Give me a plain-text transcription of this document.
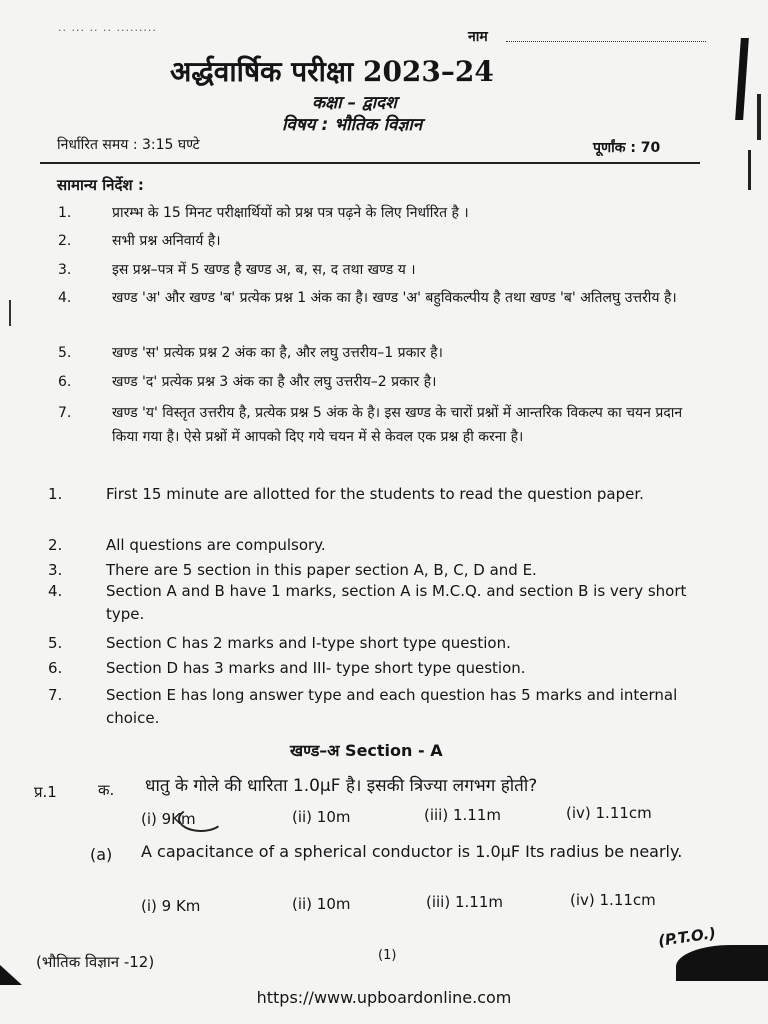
·· ··· ·· ·· ·········	नाम
अर्द्धवार्षिक परीक्षा 2023–24
कक्षा – द्वादश
विषय : भौतिक विज्ञान
निर्धारित समय : 3:15 घण्टे	पूर्णांक : 70
सामान्य निर्देश :
1.	प्रारम्भ के 15 मिनट परीक्षार्थियों को प्रश्न पत्र पढ़ने के लिए निर्धारित है ।
2.	सभी प्रश्न अनिवार्य है।
3.	इस प्रश्न–पत्र में 5 खण्ड है खण्ड अ, ब, स, द तथा खण्ड य ।
4.	खण्ड 'अ' और खण्ड 'ब' प्रत्येक प्रश्न 1 अंक का है। खण्ड 'अ' बहुविकल्पीय है तथा खण्ड 'ब' अतिलघु उत्तरीय है।
5.	खण्ड 'स' प्रत्येक प्रश्न 2 अंक का है, और लघु उत्तरीय–1 प्रकार है।
6.	खण्ड 'द' प्रत्येक प्रश्न 3 अंक का है और लघु उत्तरीय–2 प्रकार है।
7.	खण्ड 'य' विस्तृत उत्तरीय है, प्रत्येक प्रश्न 5 अंक के है। इस खण्ड के चारों प्रश्नों में आन्तरिक विकल्प का चयन प्रदान किया गया है। ऐसे प्रश्नों में आपको दिए गये चयन में से केवल एक प्रश्न ही करना है।
1.	First 15 minute are allotted for the students to read the question paper.
2.	All questions are compulsory.
3.	There are 5 section in this paper section A, B, C, D and E.
4.	Section A and B have 1 marks, section A is M.C.Q. and section B is very short type.
5.	Section C has 2 marks and I-type short type question.
6.	Section D has 3 marks and III- type short type question.
7.	Section E has long answer type and each question has 5 marks and internal choice.
खण्ड–अ Section - A
प्र.1	क. धातु के गोले की धारिता 1.0μF है। इसकी त्रिज्या लगभग होती?
(i) 9Km	(ii) 10m	(iii) 1.11m	(iv) 1.11cm
(a) A capacitance of a spherical conductor is 1.0μF Its radius be nearly.
(i) 9 Km	(ii) 10m	(iii) 1.11m	(iv) 1.11cm
(भौतिक विज्ञान -12)	(1)
(P.T.O.)
https://www.upboardonline.com
